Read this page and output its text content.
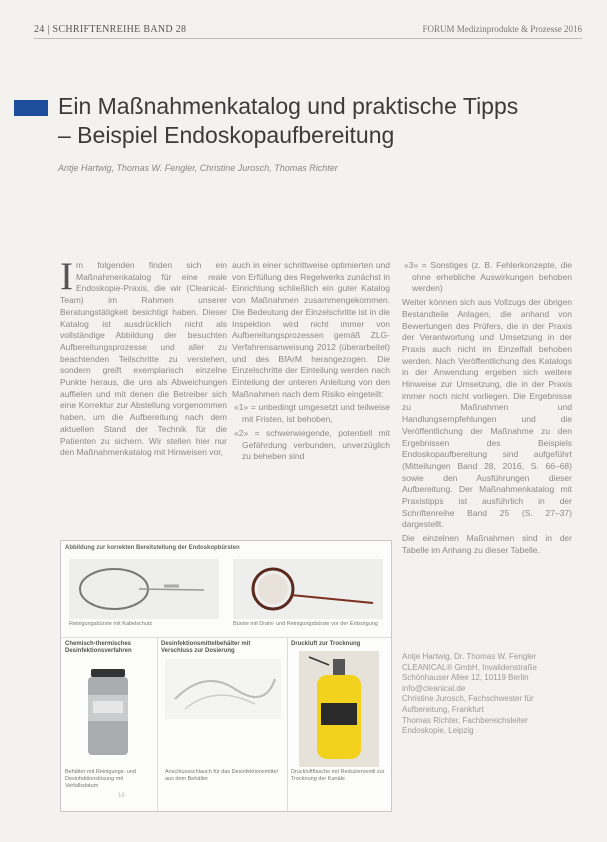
24 | SCHRIFTENREIHE BAND 28	FORUM Medizinprodukte & Prozesse 2016
Ein Maßnahmenkatalog und praktische Tipps
– Beispiel Endoskopaufbereitung
Antje Hartwig, Thomas W. Fengler, Christine Jurosch, Thomas Richter
I m folgenden finden sich ein Maßnahmenkatalog für eine reale Endoskopie-Praxis, die wir (Cleanical-Team) im Rahmen unserer Beratungstätigkeit besichtigt haben. Dieser Katalog ist ausdrücklich nicht als vollständige Abbildung der besuchten Aufbereitungsprozesse und aller zu beachtenden Teilschritte zu verstehen, sondern greift exemplarisch einzelne Punkte heraus, die uns als Abweichungen auffielen und mit denen die Betreiber sich eine Korrektur zur Abstellung vorgenommen haben, um die Aufbereitung nach dem aktuellen Stand der Technik für die Patienten zu sichern. Wir stellen hier nur den Maßnahmenkatalog mit Hinweisen vor,

auch in einer schrittweise optimierten und von Erfüllung des Regelwerks zunächst in Einrichtung schließlich ein guter Katalog von Maßnahmen zusammengekommen. Die Bedeutung der Einzelschritte ist in die Inspektion wird nicht immer von Aufbereitungsprozessen gemäß ZLG-Verfahrensanweisung 2012 (überarbeitet) und des BfArM herangezogen. Die Einzelschritte der Einteilung werden nach Einteilung der unteren Anleitung von den Maßnahmen nach dem Risiko eingeteilt:

«1» = unbedingt umgesetzt und teilweise mit Fristen, ist behoben,

«2» = schwerwiegende, potentiell mit Gefährdung verbunden, unverzüglich zu beheben sind

«3» = Sonstiges (z. B. Fehlerkonzepte, die ohne erhebliche Auswirkungen behoben werden)

Weiter können sich aus Vollzugs der übrigen Bestandteile Anlagen, die anhand von Bewertungen des Prüfers, die in der Praxis der Verantwortung und Umsetzung in der Praxis auch nicht im Einzelfall behoben werden. Nach Veröffentlichung des Katalogs in der Anwendung ergeben sich weitere Hinweise zur Umsetzung, die in der Praxis immer noch nicht vorliegen. Die Ergebnisse zu Maßnahmen und Handlungsempfehlungen und die Veröffentlichung der Maßnahme zu den Ergebnissen des Beispiels Endoskopaufbereitung sind aufgeführt (Mitteilungen Band 28, 2016, S. 66–68) sowie den Ausführungen dieser Aufbereitung. Der Maßnahmenkatalog mit Praxistipps ist ausführlich in der Schriftenreihe Band 25 (S. 27–37) dargestellt.

Die einzelnen Maßnahmen sind in der Tabelle im Anhang zu dieser Tabelle.

Abbildung zur korrekten Bereitstellung der Endoskopbürsten
Reinigungsbürste mit Kabelschutz	Bürste mit Draht- und Reinigungsbürste vor der Entsorgung
Chemisch-thermisches Desinfektionsverfahren
Behälter mit Reinigungs- und Desinfektionslösung mit Verfallsdatum
Desinfektionsmittelbehälter mit Verschluss zur Dosierung
Anschlussschlauch für das Desinfektionsmittel aus dem Behälter
Druckluft zur Trocknung
Druckluftflasche mit Reduzierventil zur Trocknung der Kanäle
Antje Hartwig, Dr. Thomas W. Fengler
CLEANICAL® GmbH, Invalidenstraße
Schönhauser Allee 12, 10119 Berlin
info@cleanical.de
Christine Jurosch, Fachschwester für
Aufbereitung, Frankfurt
Thomas Richter, Fachbereichsleiter
Endoskopie, Leipzig
18
